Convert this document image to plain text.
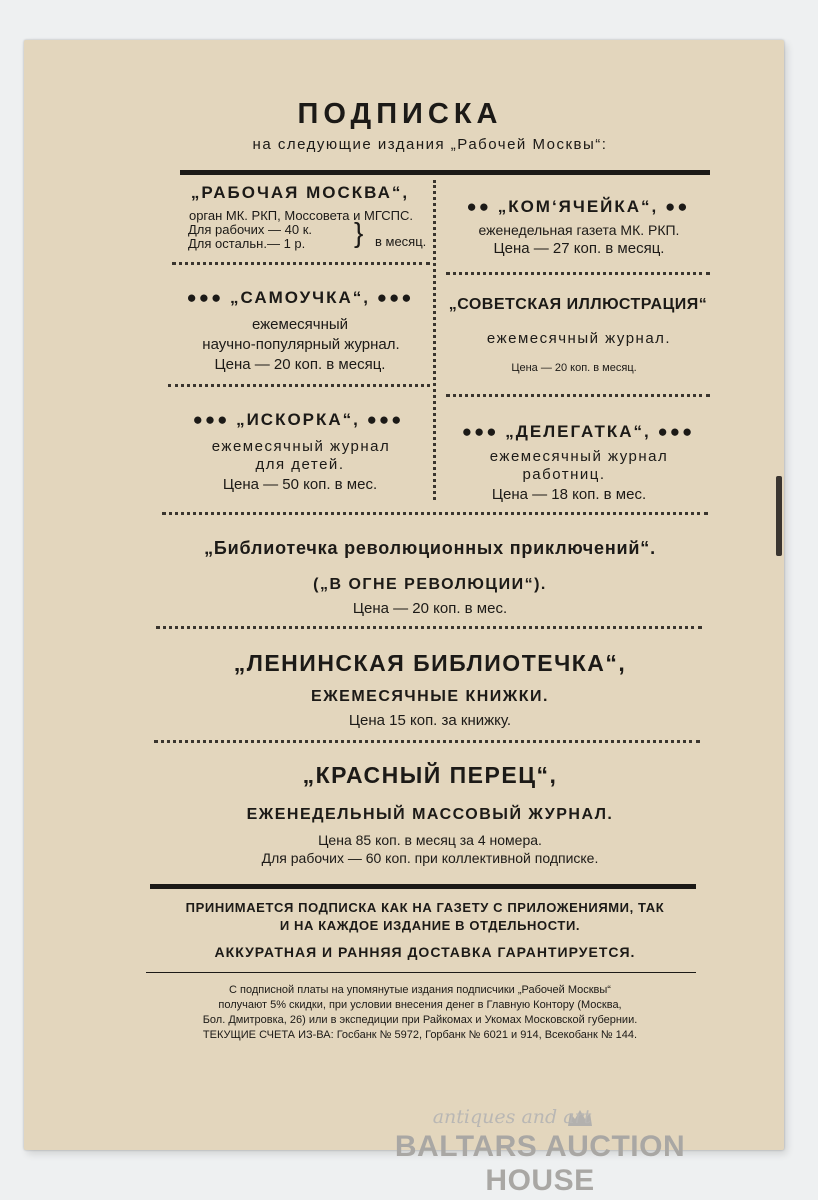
ПОДПИСКА
на следующие издания „Рабочей Москвы“:
„РАБОЧАЯ МОСКВА“,
орган МК. РКП, Моссовета и МГСПС.
Для рабочих — 40 к.
Для остальн.— 1 р.	} в месяц.
●●● „САМОУЧКА“, ●●●
ежемесячный
научно-популярный журнал.
Цена — 20 коп. в месяц.
●●● „ИСКОРКА“, ●●●
ежемесячный журнал
для детей.
Цена — 50 коп. в мес.
●● „КОМ‘ЯЧЕЙКА“, ●●
еженедельная газета МК. РКП.
Цена — 27 коп. в месяц.
„СОВЕТСКАЯ ИЛЛЮСТРАЦИЯ“
ежемесячный журнал.
Цена — 20 коп. в месяц.
●●● „ДЕЛЕГАТКА“, ●●●
ежемесячный журнал
работниц.
Цена — 18 коп. в мес.
„Библиотечка революционных приключений“.
(„В ОГНЕ РЕВОЛЮЦИИ“).
Цена — 20 коп. в мес.
„ЛЕНИНСКАЯ БИБЛИОТЕЧКА“,
ЕЖЕМЕСЯЧНЫЕ КНИЖКИ.
Цена 15 коп. за книжку.
„КРАСНЫЙ ПЕРЕЦ“,
ЕЖЕНЕДЕЛЬНЫЙ МАССОВЫЙ ЖУРНАЛ.
Цена 85 коп. в месяц за 4 номера.
Для рабочих — 60 коп. при коллективной подписке.
ПРИНИМАЕТСЯ ПОДПИСКА КАК НА ГАЗЕТУ С ПРИЛОЖЕНИЯМИ, ТАК
И НА КАЖДОЕ ИЗДАНИЕ В ОТДЕЛЬНОСТИ.
АККУРАТНАЯ И РАННЯЯ ДОСТАВКА ГАРАНТИРУЕТСЯ.
С подписной платы на упомянутые издания подписчики „Рабочей Москвы“
получают 5% скидки, при условии внесения денег в Главную Контору (Москва,
Бол. Дмитровка, 26) или в экспедиции при Райкомах и Укомах Московской губернии.
ТЕКУЩИЕ СЧЕТА ИЗ-ВА: Госбанк № 5972, Горбанк № 6021 и 914, Всекобанк № 144.
antiques and art
BALTARS AUCTION HOUSE
